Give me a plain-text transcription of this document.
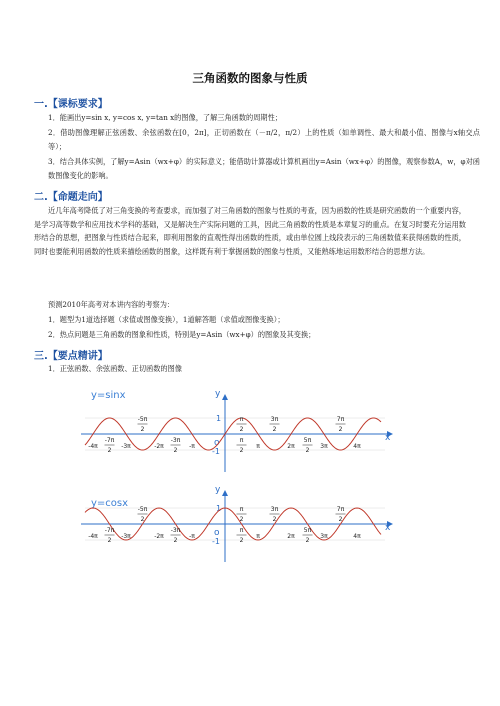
三角函数的图象与性质
一.【课标要求】

1．能画出y=sin x, y=cos x, y=tan x的图像，了解三角函数的周期性；

2．借助图像理解正弦函数、余弦函数在[0，2π]，正切函数在（－π/2，π/2）上的性质（如单调性、最大和最小值、图像与x轴交点等）；

3．结合具体实例，了解y=Asin（wx+φ）的实际意义；能借助计算器或计算机画出y=Asin（wx+φ）的图像，观察参数A，w，φ对函数图像变化的影响。

二.【命题走向】

近几年高考降低了对三角变换的考查要求，而加强了对三角函数的图象与性质的考查，因为函数的性质是研究函数的一个重要内容，是学习高等数学和应用技术学科的基础，又是解决生产实际问题的工具，因此三角函数的性质是本章复习的重点。在复习时要充分运用数形结合的思想，把图象与性质结合起来，即利用图象的直观性得出函数的性质，或由单位圆上线段表示的三角函数值来获得函数的性质，同时也要能利用函数的性质来描绘函数的图象，这样既有利于掌握函数的图象与性质，又能熟练地运用数形结合的思想方法。

预测2010年高考对本讲内容的考察为：

1．题型为1道选择题（求值或图像变换），1道解答题（求值或图像变换）；

2．热点问题是三角函数的图象和性质，特别是y=Asin（wx+φ）的图象及其变换；

三.【要点精讲】

1．正弦函数、余弦函数、正切函数的图像

y=sinx
x
y
o
1
-1
-5π
2
π
2
3π
2
7π
2
-4π
-7π
2
-3π	-2π
-3π
2
-π
π
2
π	2π
5π
2
3π	4π
y=cosx
x
y
o
1
-1
-5π
2
π
2
3π
2
7π
2
-4π
-7π
2
-3π	-2π
-3π
2
-π
π
2
π	2π
5π
2
3π	4π
